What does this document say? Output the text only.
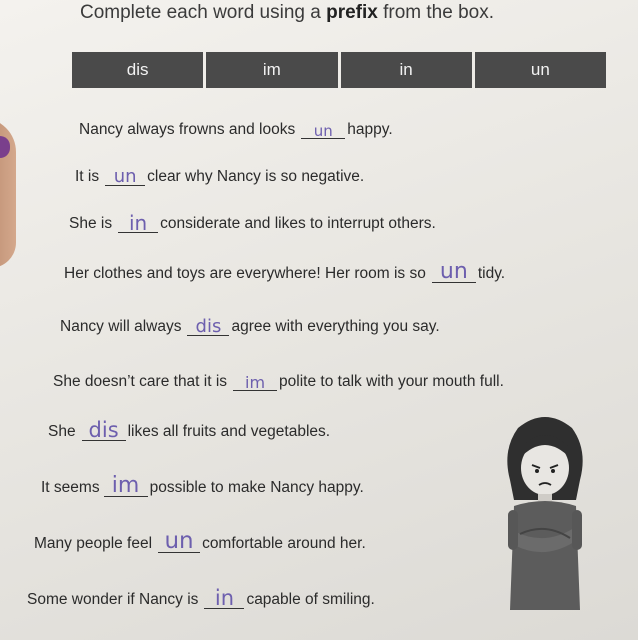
Complete each word using a prefix from the box.
dis	im	in	un
Nancy always frowns and looks	un happy.
It is un clear why Nancy is so negative.
She is in considerate and likes to interrupt others.
Her clothes and toys are everywhere! Her room is so un tidy.
Nancy will always dis agree with everything you say.
She doesn’t care that it is	im polite to talk with your mouth full.
She dis likes all fruits and vegetables.
It seems im possible to make Nancy happy.
Many people feel un comfortable around her.
Some wonder if Nancy is in capable of smiling.
